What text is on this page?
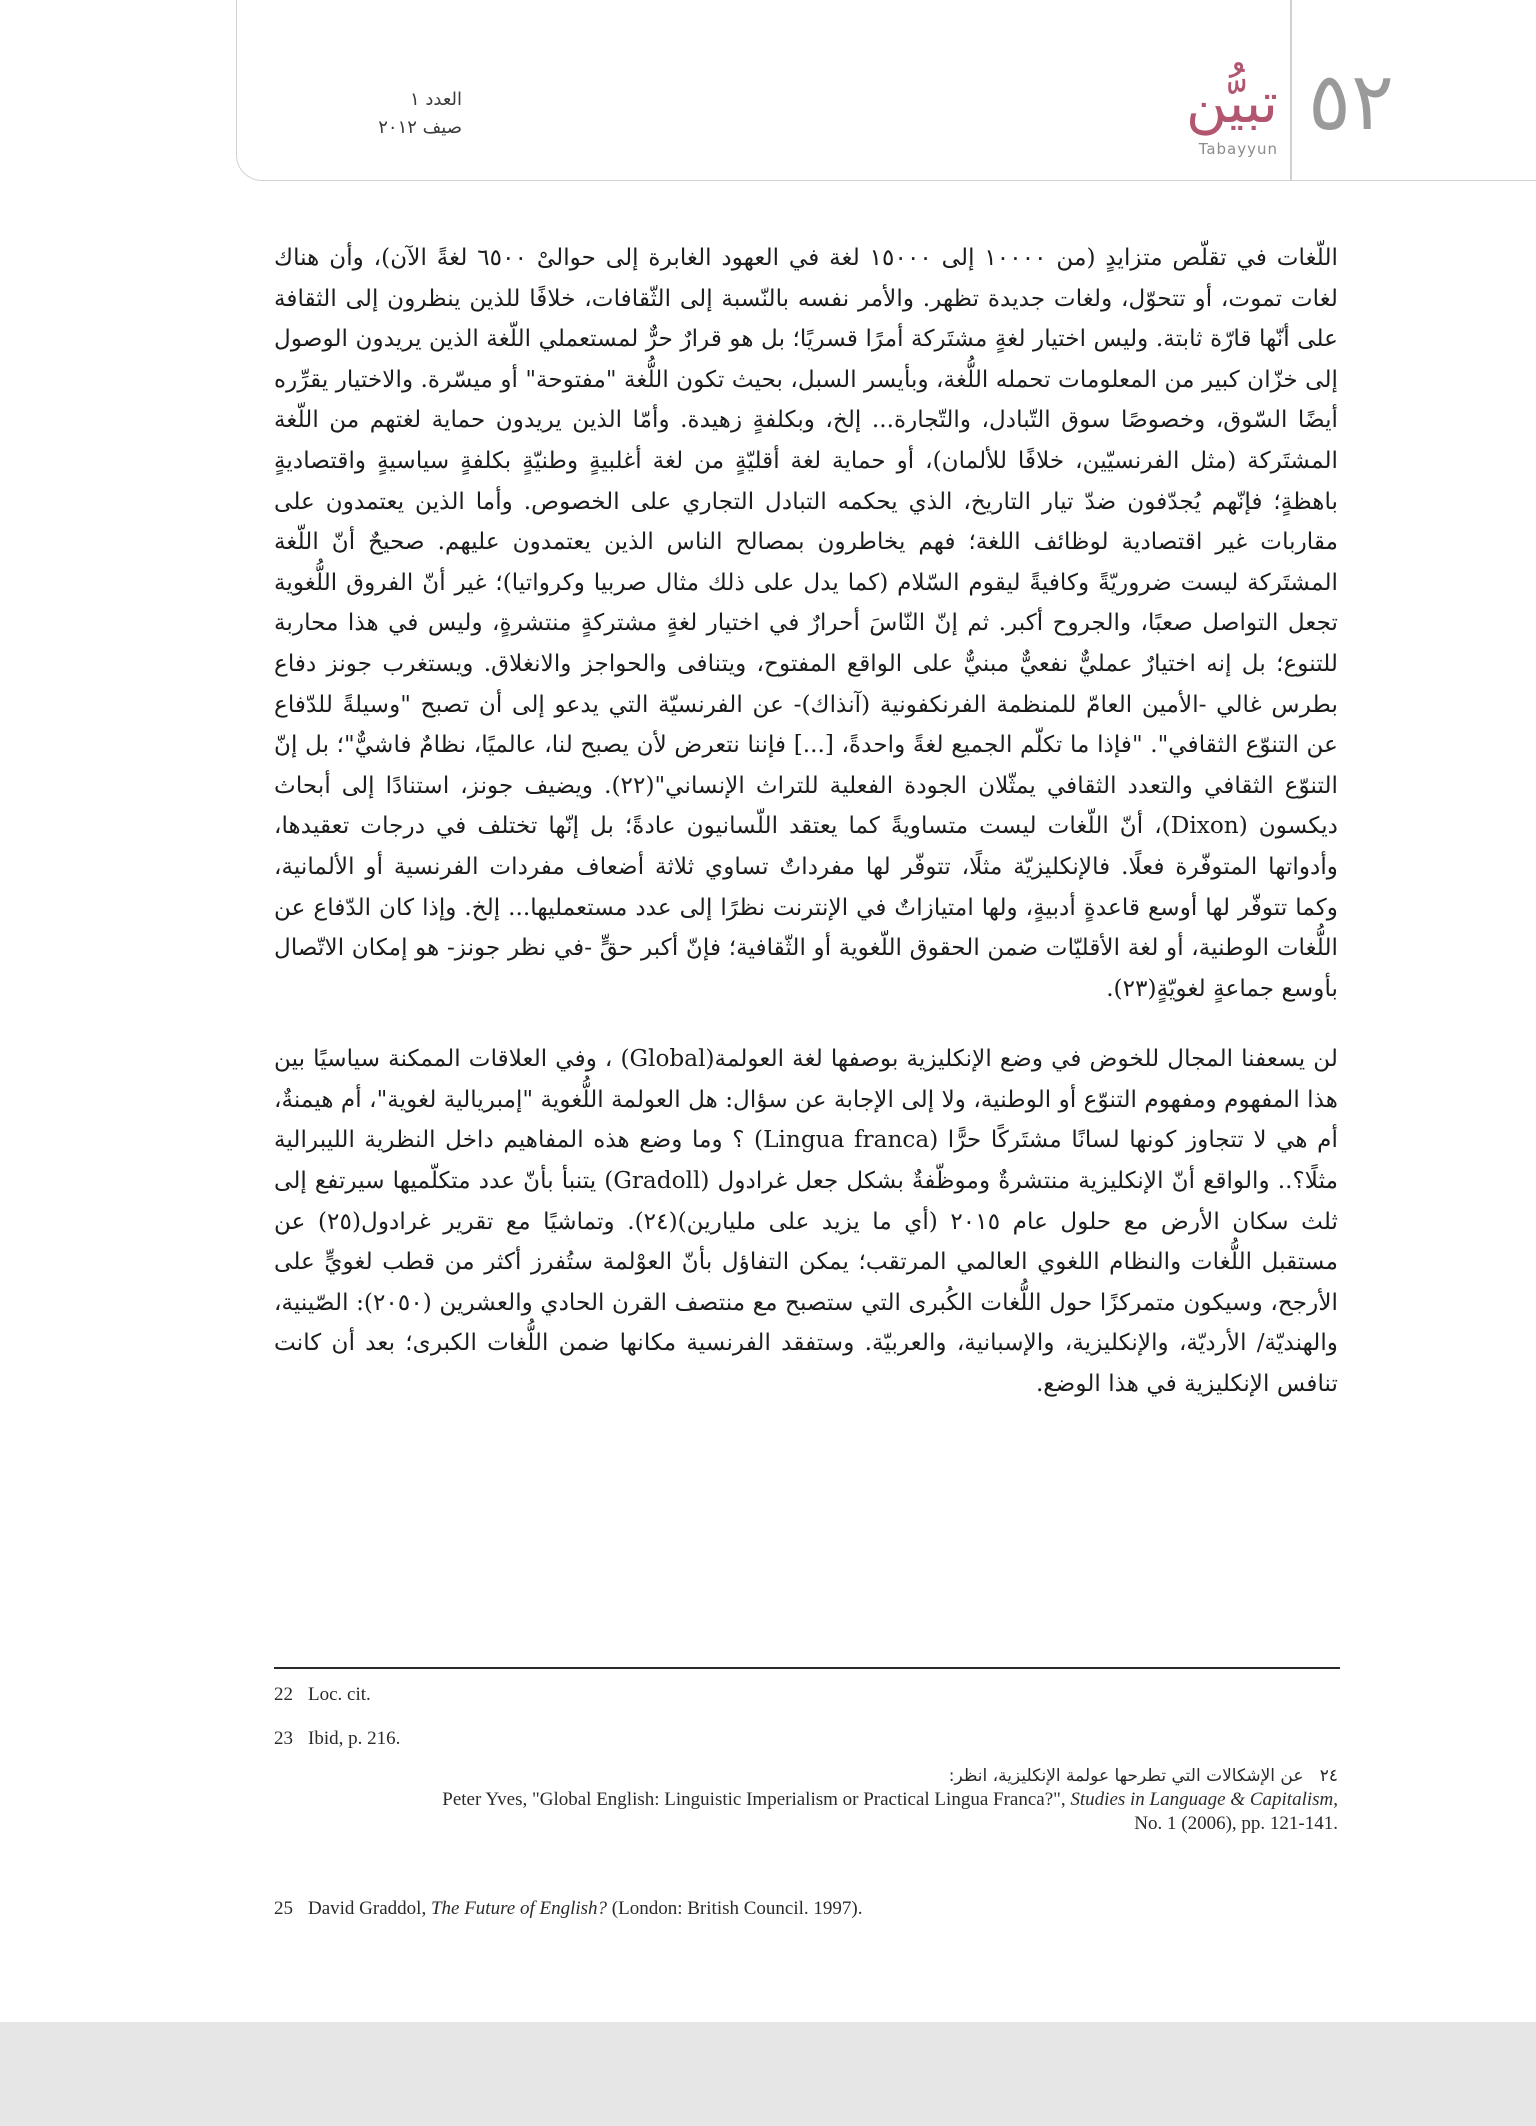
٥٢
تبيُّن
Tabayyun
العدد ١
صيف ٢٠١٢

اللّغات في تقلّص متزايدٍ (من ١٠٠٠٠ إلى ١٥٠٠٠ لغة في العهود الغابرة إلى حوالىْ ٦٥٠٠ لغةً الآن)، وأن هناك لغات تموت، أو تتحوّل، ولغات جديدة تظهر. والأمر نفسه بالنّسبة إلى الثّقافات، خلافًا للذين ينظرون إلى الثقافة على أنّها قارّة ثابتة. وليس اختيار لغةٍ مشتَركة أمرًا قسريًا؛ بل هو قرارٌ حرٌّ لمستعملي اللّغة الذين يريدون الوصول إلى خزّان كبير من المعلومات تحمله اللُّغة، وبأيسر السبل، بحيث تكون اللُّغة "مفتوحة" أو ميسّرة. والاختيار يقرِّره أيضًا السّوق، وخصوصًا سوق التّبادل، والتّجارة... إلخ، وبكلفةٍ زهيدة. وأمّا الذين يريدون حماية لغتهم من اللّغة المشتَركة (مثل الفرنسيّين، خلافًا للألمان)، أو حماية لغة أقليّةٍ من لغة أغلبيةٍ وطنيّةٍ بكلفةٍ سياسيةٍ واقتصاديةٍ باهظةٍ؛ فإنّهم يُجدّفون ضدّ تيار التاريخ، الذي يحكمه التبادل التجاري على الخصوص. وأما الذين يعتمدون على مقاربات غير اقتصادية لوظائف اللغة؛ فهم يخاطرون بمصالح الناس الذين يعتمدون عليهم. صحيحٌ أنّ اللّغة المشتَركة ليست ضروريّةً وكافيةً ليقوم السّلام (كما يدل على ذلك مثال صربيا وكرواتيا)؛ غير أنّ الفروق اللُّغوية تجعل التواصل صعبًا، والجروح أكبر. ثم إنّ النّاسَ أحرارٌ في اختيار لغةٍ مشتركةٍ منتشرةٍ، وليس في هذا محاربة للتنوع؛ بل إنه اختيارٌ عمليٌّ نفعيٌّ مبنيٌّ على الواقع المفتوح، ويتنافى والحواجز والانغلاق. ويستغرب جونز دفاع بطرس غالي -الأمين العامّ للمنظمة الفرنكفونية (آنذاك)- عن الفرنسيّة التي يدعو إلى أن تصبح "وسيلةً للدّفاع عن التنوّع الثقافي". "فإذا ما تكلّم الجميع لغةً واحدةً، [...] فإننا نتعرض لأن يصبح لنا، عالميًا، نظامٌ فاشيٌّ"؛ بل إنّ التنوّع الثقافي والتعدد الثقافي يمثّلان الجودة الفعلية للتراث الإنساني"(٢٢). ويضيف جونز، استنادًا إلى أبحاث ديكسون (Dixon)، أنّ اللّغات ليست متساويةً كما يعتقد اللّسانيون عادةً؛ بل إنّها تختلف في درجات تعقيدها، وأدواتها المتوفّرة فعلًا. فالإنكليزيّة مثلًا، تتوفّر لها مفرداتٌ تساوي ثلاثة أضعاف مفردات الفرنسية أو الألمانية، وكما تتوفّر لها أوسع قاعدةٍ أدبيةٍ، ولها امتيازاتٌ في الإنترنت نظرًا إلى عدد مستعمليها... إلخ. وإذا كان الدّفاع عن اللُّغات الوطنية، أو لغة الأقليّات ضمن الحقوق اللّغوية أو الثّقافية؛ فإنّ أكبر حقٍّ -في نظر جونز- هو إمكان الاتّصال بأوسع جماعةٍ لغويّةٍ(٢٣).

لن يسعفنا المجال للخوض في وضع الإنكليزية بوصفها لغة العولمة(Global) ، وفي العلاقات الممكنة سياسيًا بين هذا المفهوم ومفهوم التنوّع أو الوطنية، ولا إلى الإجابة عن سؤال: هل العولمة اللُّغوية "إمبريالية لغوية"، أم هيمنةٌ، أم هي لا تتجاوز كونها لسانًا مشتَركًا حرًّا (Lingua franca) ؟ وما وضع هذه المفاهيم داخل النظرية الليبرالية مثلًا؟.. والواقع أنّ الإنكليزية منتشرةٌ وموظّفةٌ بشكل جعل غرادول (Gradoll) يتنبأ بأنّ عدد متكلّميها سيرتفع إلى ثلث سكان الأرض مع حلول عام ٢٠١٥ (أي ما يزيد على مليارين)(٢٤). وتماشيًا مع تقرير غرادول(٢٥) عن مستقبل اللُّغات والنظام اللغوي العالمي المرتقب؛ يمكن التفاؤل بأنّ العوْلمة ستُفرز أكثر من قطب لغويٍّ على الأرجح، وسيكون متمركزًا حول اللُّغات الكُبرى التي ستصبح مع منتصف القرن الحادي والعشرين (٢٠٥٠): الصّينية، والهنديّة/ الأرديّة، والإنكليزية، والإسبانية، والعربيّة. وستفقد الفرنسية مكانها ضمن اللُّغات الكبرى؛ بعد أن كانت تنافس الإنكليزية في هذا الوضع.

22 Loc. cit.
23 Ibid, p. 216.
٢٤   عن الإشكالات التي تطرحها عولمة الإنكليزية، انظر:
Peter Yves, "Global English: Linguistic Imperialism or Practical Lingua Franca?", Studies in Language & Capitalism,
No. 1 (2006), pp. 121-141.
25 David Graddol, The Future of English? (London: British Council. 1997).
